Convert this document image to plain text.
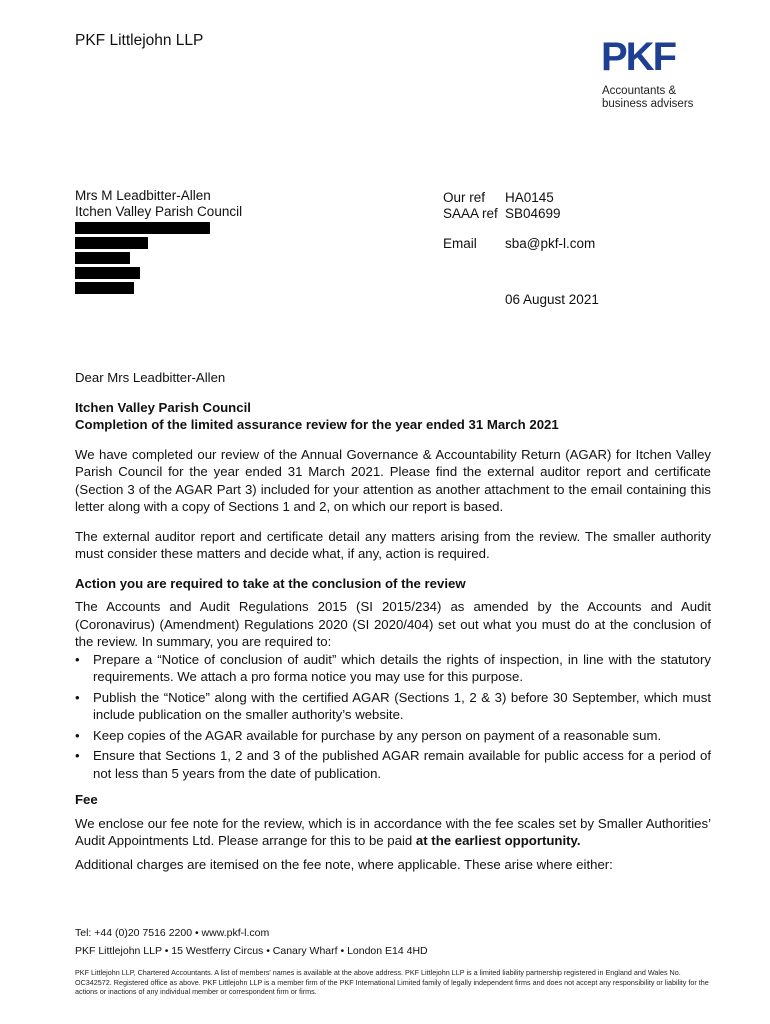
PKF Littlejohn LLP	PKF
Accountants &
business advisers
Mrs M Leadbitter-Allen
Itchen Valley Parish Council
Our ref HA0145
SAAA ref SB04699
Email sba@pkf-l.com
06 August 2021

Dear Mrs Leadbitter-Allen

Itchen Valley Parish Council

Completion of the limited assurance review for the year ended 31 March 2021

We have completed our review of the Annual Governance & Accountability Return (AGAR) for Itchen Valley Parish Council for the year ended 31 March 2021. Please find the external auditor report and certificate (Section 3 of the AGAR Part 3) included for your attention as another attachment to the email containing this letter along with a copy of Sections 1 and 2, on which our report is based.

The external auditor report and certificate detail any matters arising from the review. The smaller authority must consider these matters and decide what, if any, action is required.

Action you are required to take at the conclusion of the review

The Accounts and Audit Regulations 2015 (SI 2015/234) as amended by the Accounts and Audit (Coronavirus) (Amendment) Regulations 2020 (SI 2020/404) set out what you must do at the conclusion of the review. In summary, you are required to:

• Prepare a “Notice of conclusion of audit” which details the rights of inspection, in line with the statutory requirements. We attach a pro forma notice you may use for this purpose.
• Publish the “Notice” along with the certified AGAR (Sections 1, 2 & 3) before 30 September, which must include publication on the smaller authority’s website.
• Keep copies of the AGAR available for purchase by any person on payment of a reasonable sum.
• Ensure that Sections 1, 2 and 3 of the published AGAR remain available for public access for a period of not less than 5 years from the date of publication.

Fee

We enclose our fee note for the review, which is in accordance with the fee scales set by Smaller Authorities’ Audit Appointments Ltd. Please arrange for this to be paid at the earliest opportunity.

Additional charges are itemised on the fee note, where applicable. These arise where either:

Tel: +44 (0)20 7516 2200 • www.pkf-l.com
PKF Littlejohn LLP • 15 Westferry Circus • Canary Wharf • London E14 4HD
PKF Littlejohn LLP, Chartered Accountants. A list of members' names is available at the above address. PKF Littlejohn LLP is a limited liability partnership registered in England and Wales No. OC342572. Registered office as above. PKF Littlejohn LLP is a member firm of the PKF International Limited family of legally independent firms and does not accept any responsibility or liability for the actions or inactions of any individual member or correspondent firm or firms.
